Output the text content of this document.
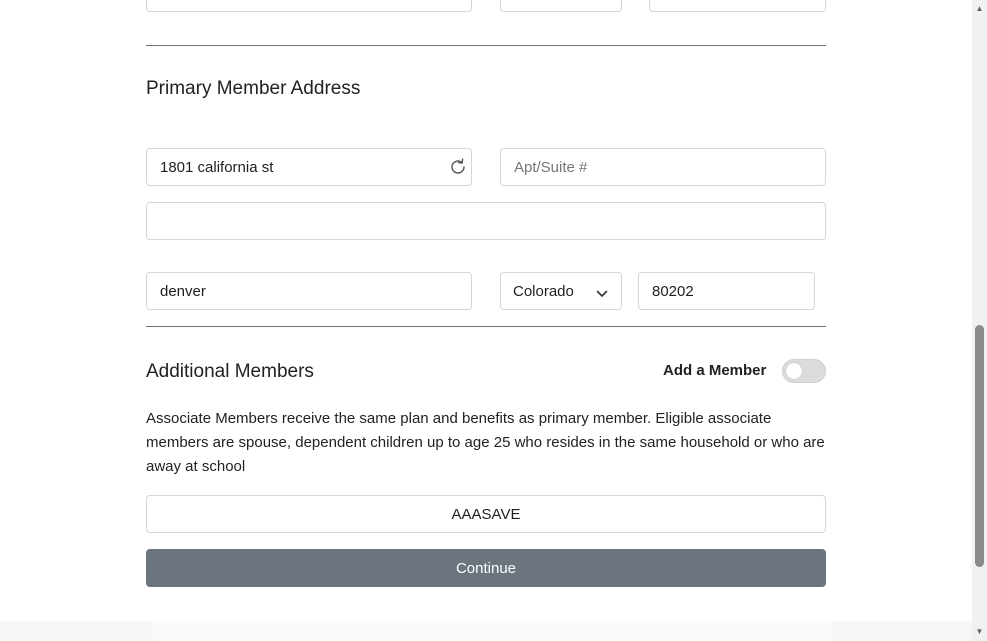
Primary Member Address
1801 california st
Apt/Suite #
denver
Colorado
80202
Additional Members	Add a Member

Associate Members receive the same plan and benefits as primary member. Eligible associate members are spouse, dependent children up to age 25 who resides in the same household or who are away at school

AAASAVE
Continue
▲
▼
